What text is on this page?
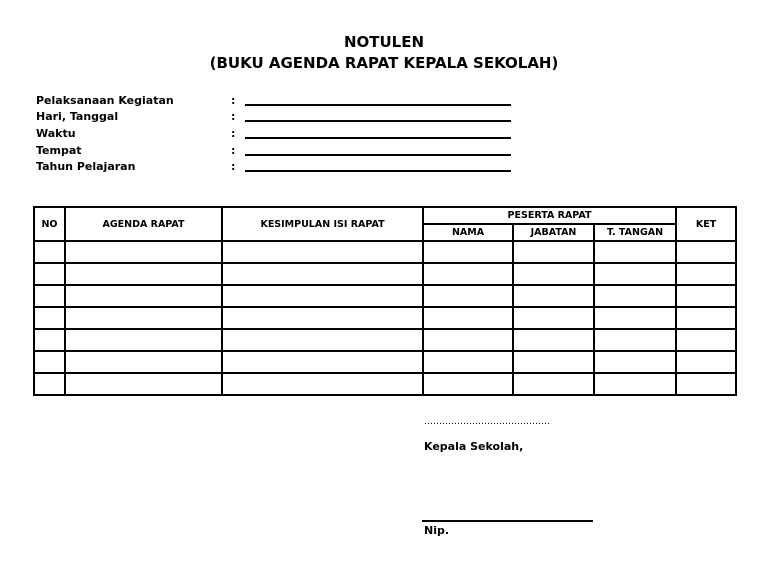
NOTULEN
(BUKU AGENDA RAPAT KEPALA SEKOLAH)
Pelaksanaan Kegiatan	:
Hari, Tanggal	:
Waktu	:
Tempat	:
Tahun Pelajaran	:
NO	AGENDA RAPAT	KESIMPULAN ISI RAPAT	PESERTA RAPAT			KET
			NAMA	JABATAN	T. TANGAN	

……………………………………
Kepala Sekolah,
Nip.
